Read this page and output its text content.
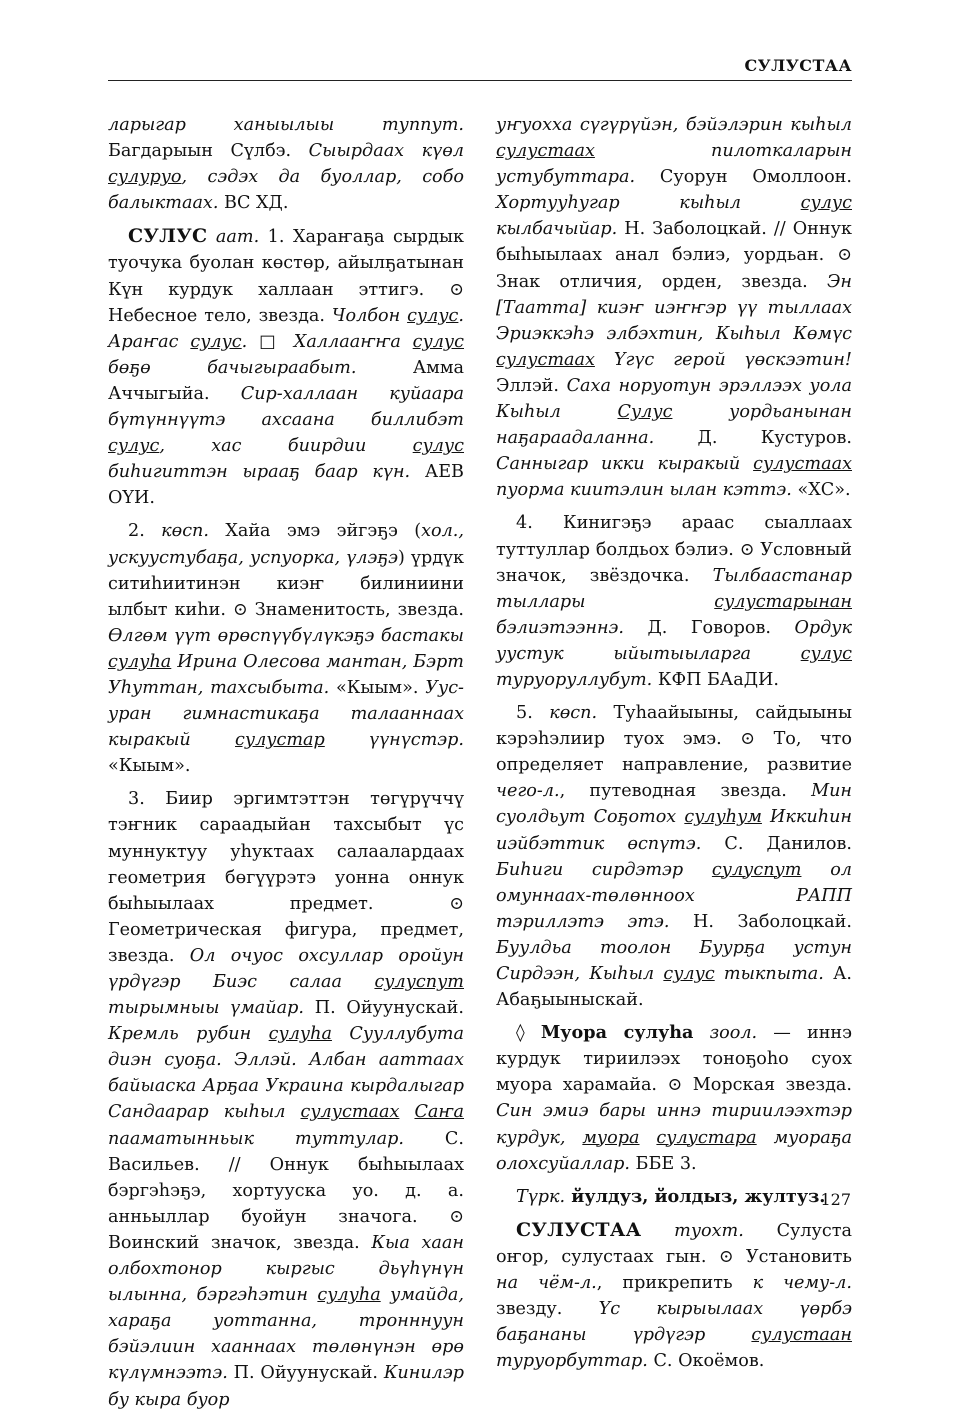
СУЛУСТАА

ларыгар ханыылыы туппут. Багдарыын Сүлбэ. Сыырдаах күөл сулуруо, сэдэх да буоллар, собо балыктаах. ВС ХД.

СУЛУС аат. 1. Хараҥаҕа сырдык туочука буолан көстөр, айылҕатынан Күн курдук халлаан эттигэ. ⊙ Небесное тело, звезда. Чолбон сулус. Араҥас сулус. □ Халлааҥҥа сулус бөҕө бачыгыраабыт. Амма Аччыгыйа. Сир-халлаан куйаара бүтүннүүтэ ахсаана биллибэт сулус, хас биирдии сулус биһигиттэн ырааҕ баар күн. АЕВ ОҮИ.

2. көсп. Хайа эмэ эйгэҕэ (хол., ускуустубаҕа, успуорка, үлэҕэ) үрдүк ситиһиитинэн киэҥ билиниини ылбыт киһи. ⊙ Знаменитость, звезда. Өлгөм үүт өрөспүүбүлүкэҕэ бастакы сулуһа Ирина Олесова мантан, Бэрт Уһуттан, тахсыбыта. «Кыым». Уус-уран гимнастикаҕа талааннаах кыракый сулустар үүнүстэр. «Кыым».

3. Биир эргимтэттэн төгүрүччү тэҥник сараадыйан тахсыбыт үс муннуктуу уһуктаах салаалардаах геометрия бөгүүрэтэ уонна оннук быһыылаах предмет. ⊙ Геометрическая фигура, предмет, звезда. Ол очуос охсуллар оройун үрдүгэр Биэс салаа сулуспут тырымныы үмайар. П. Ойуунускай. Кремль рубин сулуһа Сууллубута диэн суоҕа. Эллэй. Албан ааттаах байыаска Арҕаа Украина кырдалыгар Сандаарар кыһыл сулустаах Саҥа пааматынньык туттулар. С. Васильев. // Оннук быһыылаах бэргэһэҕэ, хортууска уо. д. а. анньыллар буойун значога. ⊙ Воинский значок, звезда. Кыа хаан олбохтонор кыргыс дьүһүнүн ылынна, бэргэһэтин сулуһа умайда, хараҕа уоттанна, тронннуун бэйэлиин хааннаах төлөнүнэн өрө күлүмнээтэ. П. Ойуунускай. Кинилэр бу кыра буор

уҥуохха сүгүрүйэн, бэйэлэрин кыһыл сулустаах пилоткаларын устубуттара. Суорун Омоллоон. Хортууһугар кыһыл сулус кылбачыйар. Н. Заболоцкай. // Оннук быһыылаах анал бэлиэ, уордьан. ⊙ Знак отличия, орден, звезда. Эн [Таатта] киэҥ иэҥҥэр үү тыллаах Эриэккэһэ элбэхтин, Кыһыл Көмүс сулустаах Үгүс герой үөскээтин! Эллэй. Саха норуотун эрэллээх уола Кыһыл Сулус уордьанынан наҕараадаланна. Д. Кустуров. Санныгар икки кыракый сулустаах пуорма киитэлин ылан кэттэ. «ХС».

4. Кинигэҕэ араас сыаллаах туттуллар болдьох бэлиэ. ⊙ Условный значок, звёздочка. Тылбаастанар тыллары сулустарынан бэлиэтээннэ. Д. Говоров. Ордук уустук ыйытыыларга сулус туруоруллубут. КФП БАаДИ.

5. көсп. Туһаайыыны, сайдыыны кэрэһэлиир туох эмэ. ⊙ То, что определяет направление, развитие чего-л., путеводная звезда. Мин суолдьут Соҕотох сулуһум Иккиһин иэйбэттик өспүтэ. С. Данилов. Биһиги сирдэтэр сулуспут ол омуннаах-төлөнноох РАПП тэриллэтэ этэ. Н. Заболоцкай. Буулдьа тоолон Буурҕа устун Сирдээн, Кыһыл сулус тыкпыта. А. Абаҕыыныскай.

◊ Муора сулуһа зоол. — иннэ курдук тириилээх тоноҕоһо суох муора харамайа. ⊙ Морская звезда. Син эмиэ бары иннэ тириилээхтэр курдук, муора сулустара муораҕа олохсуйаллар. ББЕ 3.

Түрк. йулдуз, йолдыз, жултуз.

СУЛУСТАА туохт. Сулуста оҥор, сулустаах гын. ⊙ Установить на чём-л., прикрепить к чему-л. звезду. Үс кырыылаах үөрбэ баҕананы үрдүгэр сулустаан туруорбуттар. С. Окоёмов.

127
